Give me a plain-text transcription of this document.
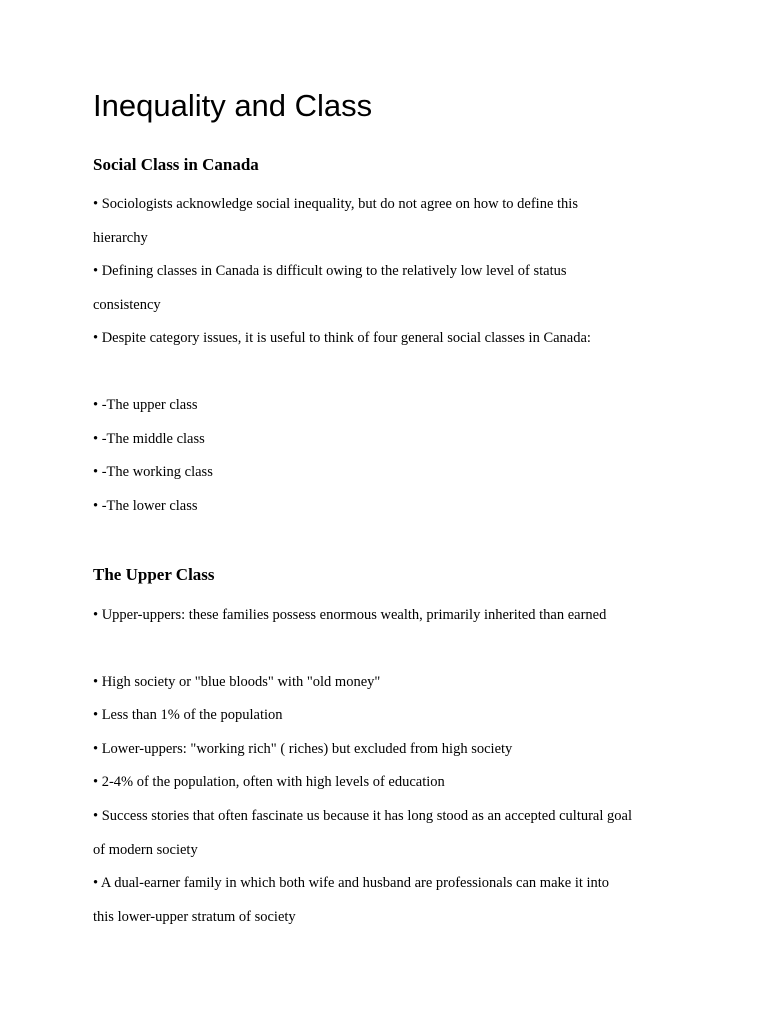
Inequality and Class
Social Class in Canada

• Sociologists acknowledge social inequality, but do not agree on how to define this hierarchy

• Defining classes in Canada is difficult owing to the relatively low level of status consistency

• Despite category issues, it is useful to think of four general social classes in Canada:

• -The upper class

• -The middle class

• -The working class

• -The lower class

The Upper Class

• Upper-uppers: these families possess enormous wealth, primarily inherited than earned

• High society or "blue bloods" with "old money"

• Less than 1% of the population

• Lower-uppers: "working rich" ( riches) but excluded from high society

• 2-4% of the population, often with high levels of education

• Success stories that often fascinate us because it has long stood as an accepted cultural goal of modern society

• A dual-earner family in which both wife and husband are professionals can make it into this lower-upper stratum of society
